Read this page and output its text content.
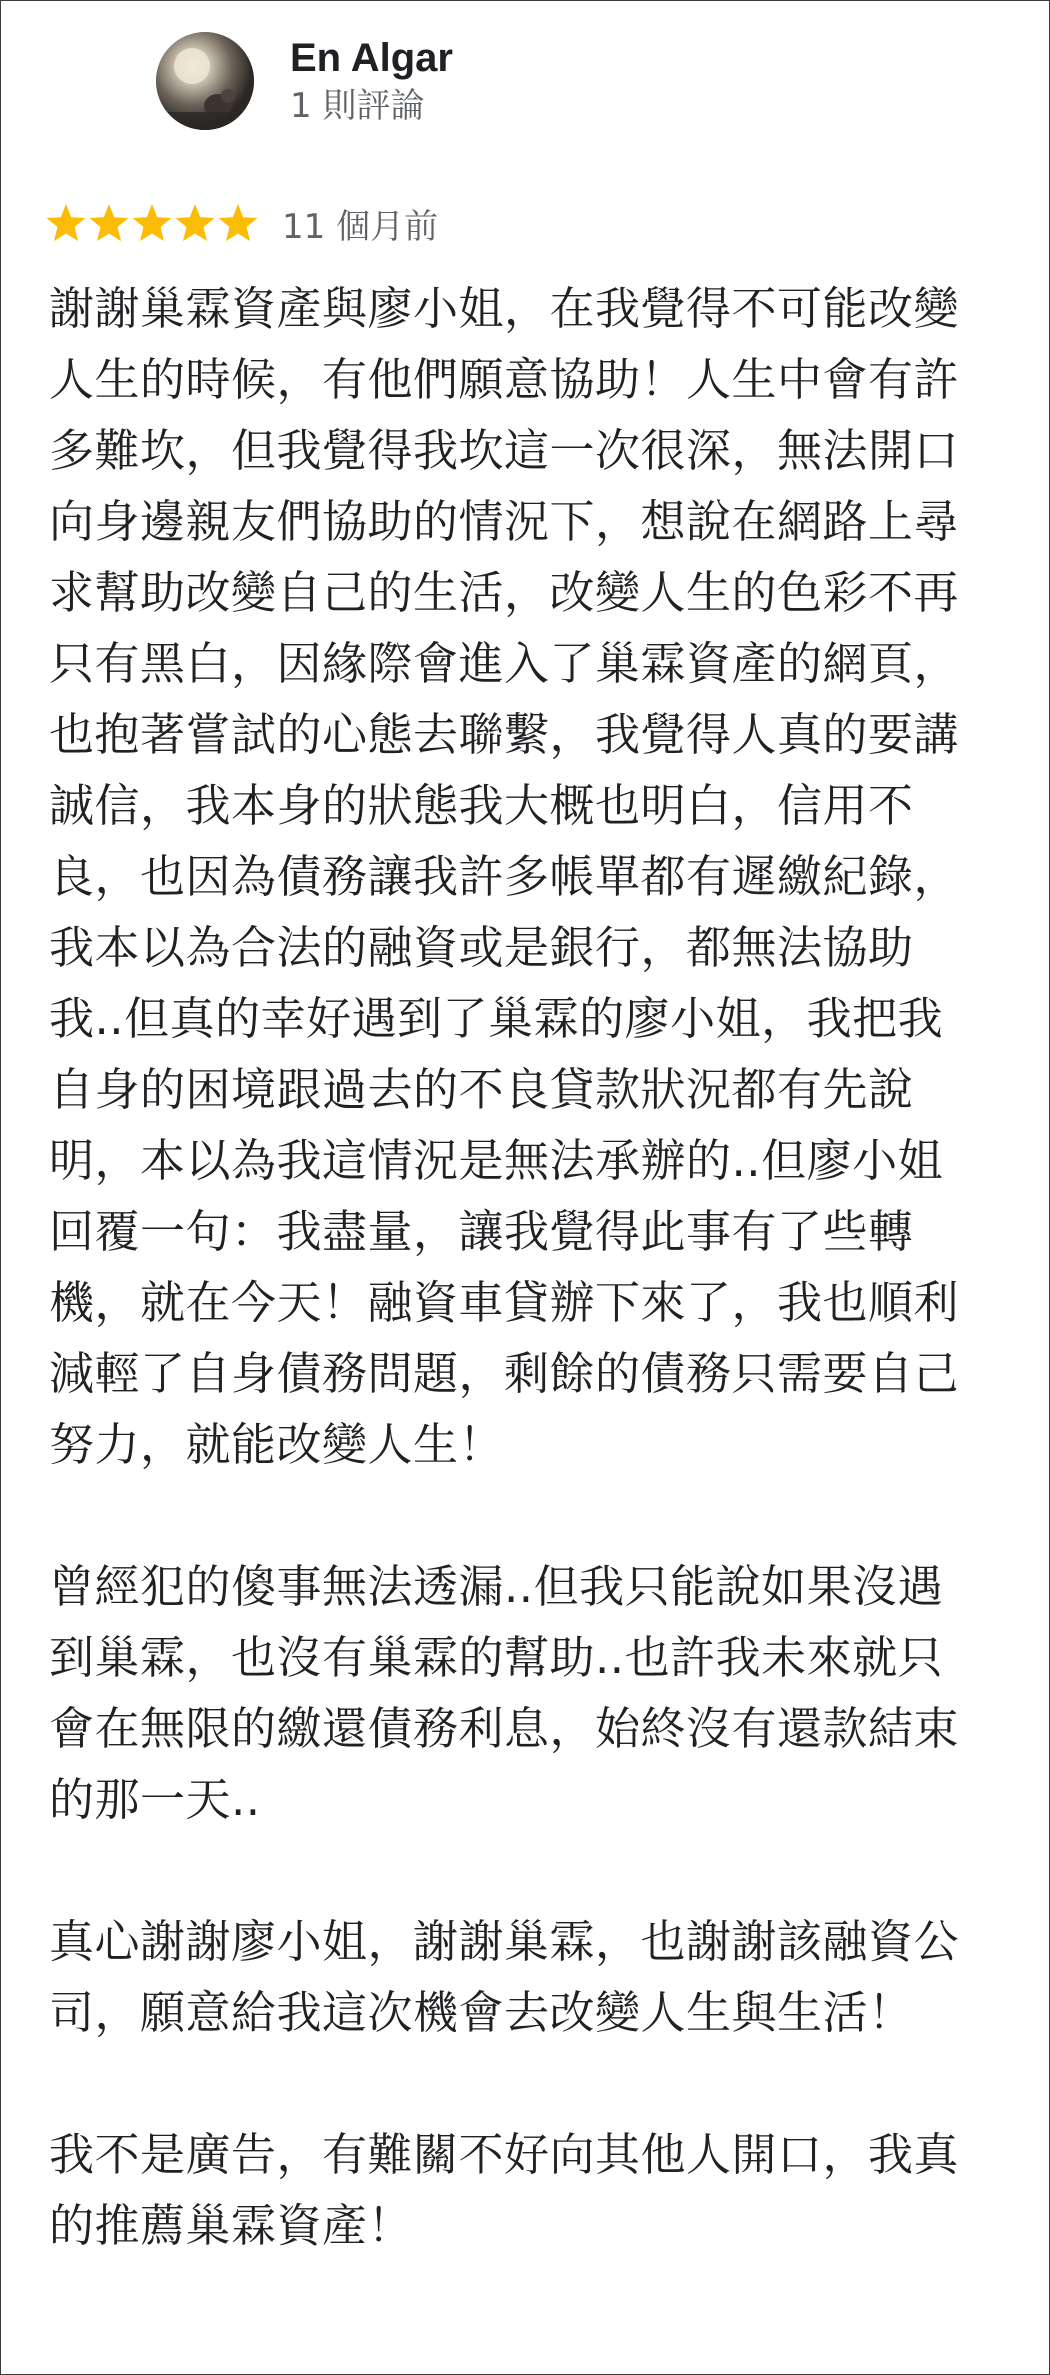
En Algar
1 則評論
11 個月前

謝謝巢霖資產與廖小姐，在我覺得不可能改變
人生的時候，有他們願意協助！人生中會有許
多難坎，但我覺得我坎這一次很深，無法開口
向身邊親友們協助的情況下，想說在網路上尋
求幫助改變自己的生活，改變人生的色彩不再
只有黑白，因緣際會進入了巢霖資產的網頁，
也抱著嘗試的心態去聯繫，我覺得人真的要講
誠信，我本身的狀態我大概也明白，信用不
良，也因為債務讓我許多帳單都有遲繳紀錄，
我本以為合法的融資或是銀行，都無法協助
我..但真的幸好遇到了巢霖的廖小姐，我把我
自身的困境跟過去的不良貸款狀況都有先說
明，本以為我這情況是無法承辦的..但廖小姐
回覆一句：我盡量，讓我覺得此事有了些轉
機，就在今天！融資車貸辦下來了，我也順利
減輕了自身債務問題，剩餘的債務只需要自己
努力，就能改變人生！

曾經犯的傻事無法透漏..但我只能說如果沒遇
到巢霖，也沒有巢霖的幫助..也許我未來就只
會在無限的繳還債務利息，始終沒有還款結束
的那一天..

真心謝謝廖小姐，謝謝巢霖，也謝謝該融資公
司，願意給我這次機會去改變人生與生活！

我不是廣告，有難關不好向其他人開口，我真
的推薦巢霖資產！
